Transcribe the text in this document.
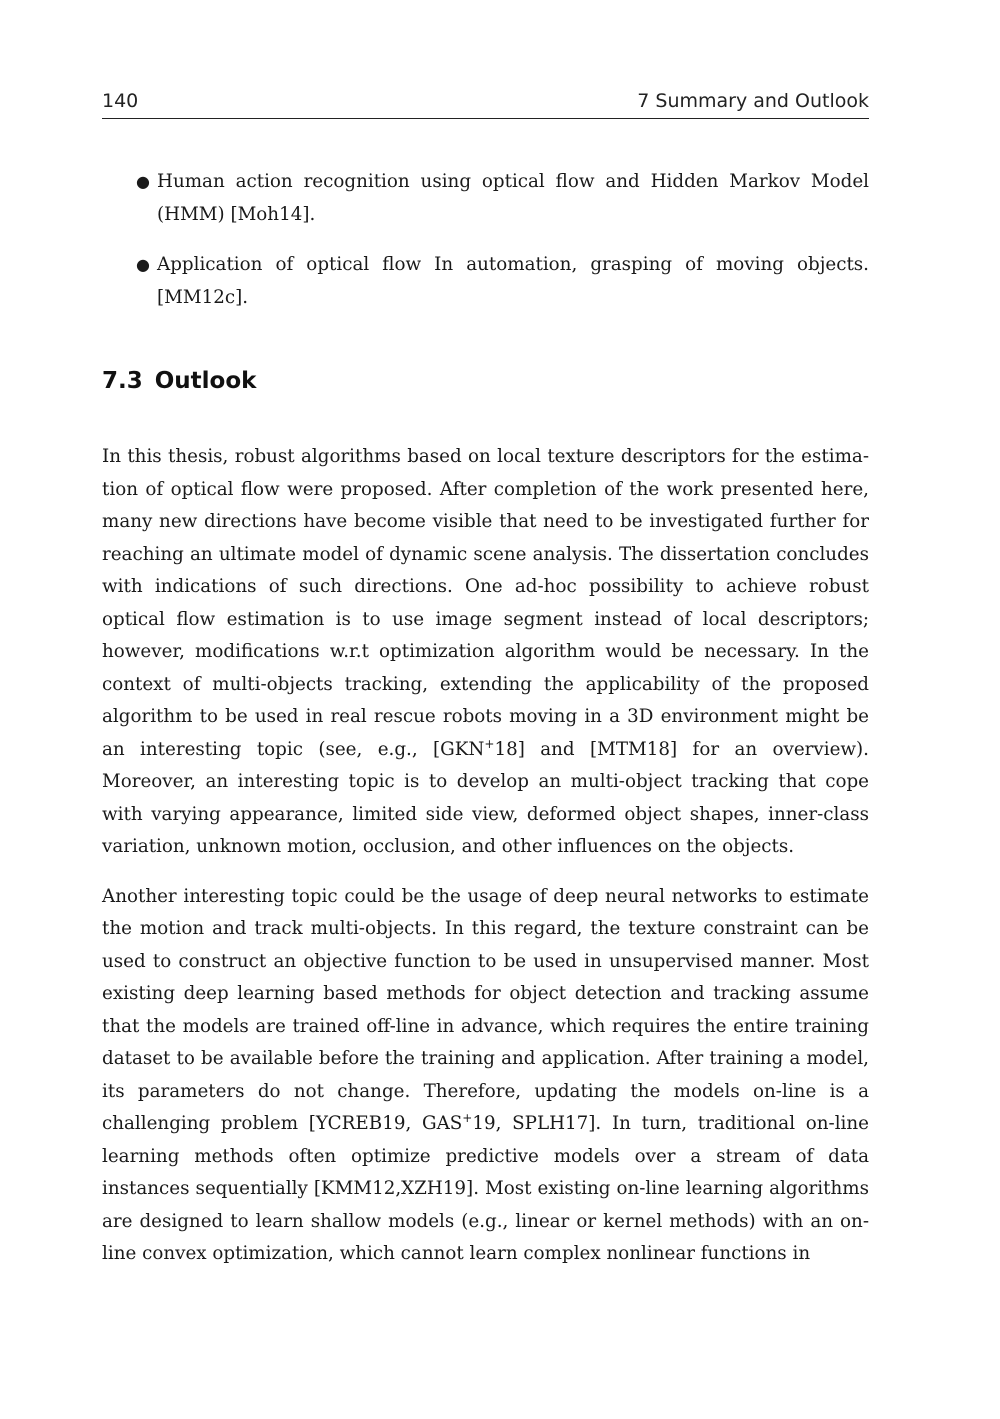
140	7 Summary and Outlook
● Human action recognition using optical flow and Hidden Markov Model (HMM) [Moh14].
● Application of optical flow In automation, grasping of moving objects. [MM12c].
7.3 Outlook

In this thesis, robust algorithms based on local texture descriptors for the estimation of optical flow were proposed. After completion of the work presented here, many new directions have become visible that need to be investigated further for reaching an ultimate model of dynamic scene analysis. The dissertation concludes with indications of such directions. One ad-hoc possibility to achieve robust optical flow estimation is to use image segment instead of local descriptors; however, modifications w.r.t optimization algorithm would be necessary. In the context of multi-objects tracking, extending the applicability of the proposed algorithm to be used in real rescue robots moving in a 3D environment might be an interesting topic (see, e.g., [GKN+18] and [MTM18] for an overview). Moreover, an interesting topic is to develop an multi-object tracking that cope with varying appearance, limited side view, deformed object shapes, inner-class variation, unknown motion, occlusion, and other influences on the objects.

Another interesting topic could be the usage of deep neural networks to estimate the motion and track multi-objects. In this regard, the texture constraint can be used to construct an objective function to be used in unsupervised manner. Most existing deep learning based methods for object detection and tracking assume that the models are trained off-line in advance, which requires the entire training dataset to be available before the training and application. After training a model, its parameters do not change. Therefore, updating the models on-line is a challenging problem [YCREB19, GAS+19, SPLH17]. In turn, traditional on-line learning methods often optimize predictive models over a stream of data instances sequentially [KMM12,XZH19]. Most existing on-line learning algorithms are designed to learn shallow models (e.g., linear or kernel methods) with an on-line convex optimization, which cannot learn complex nonlinear functions in
